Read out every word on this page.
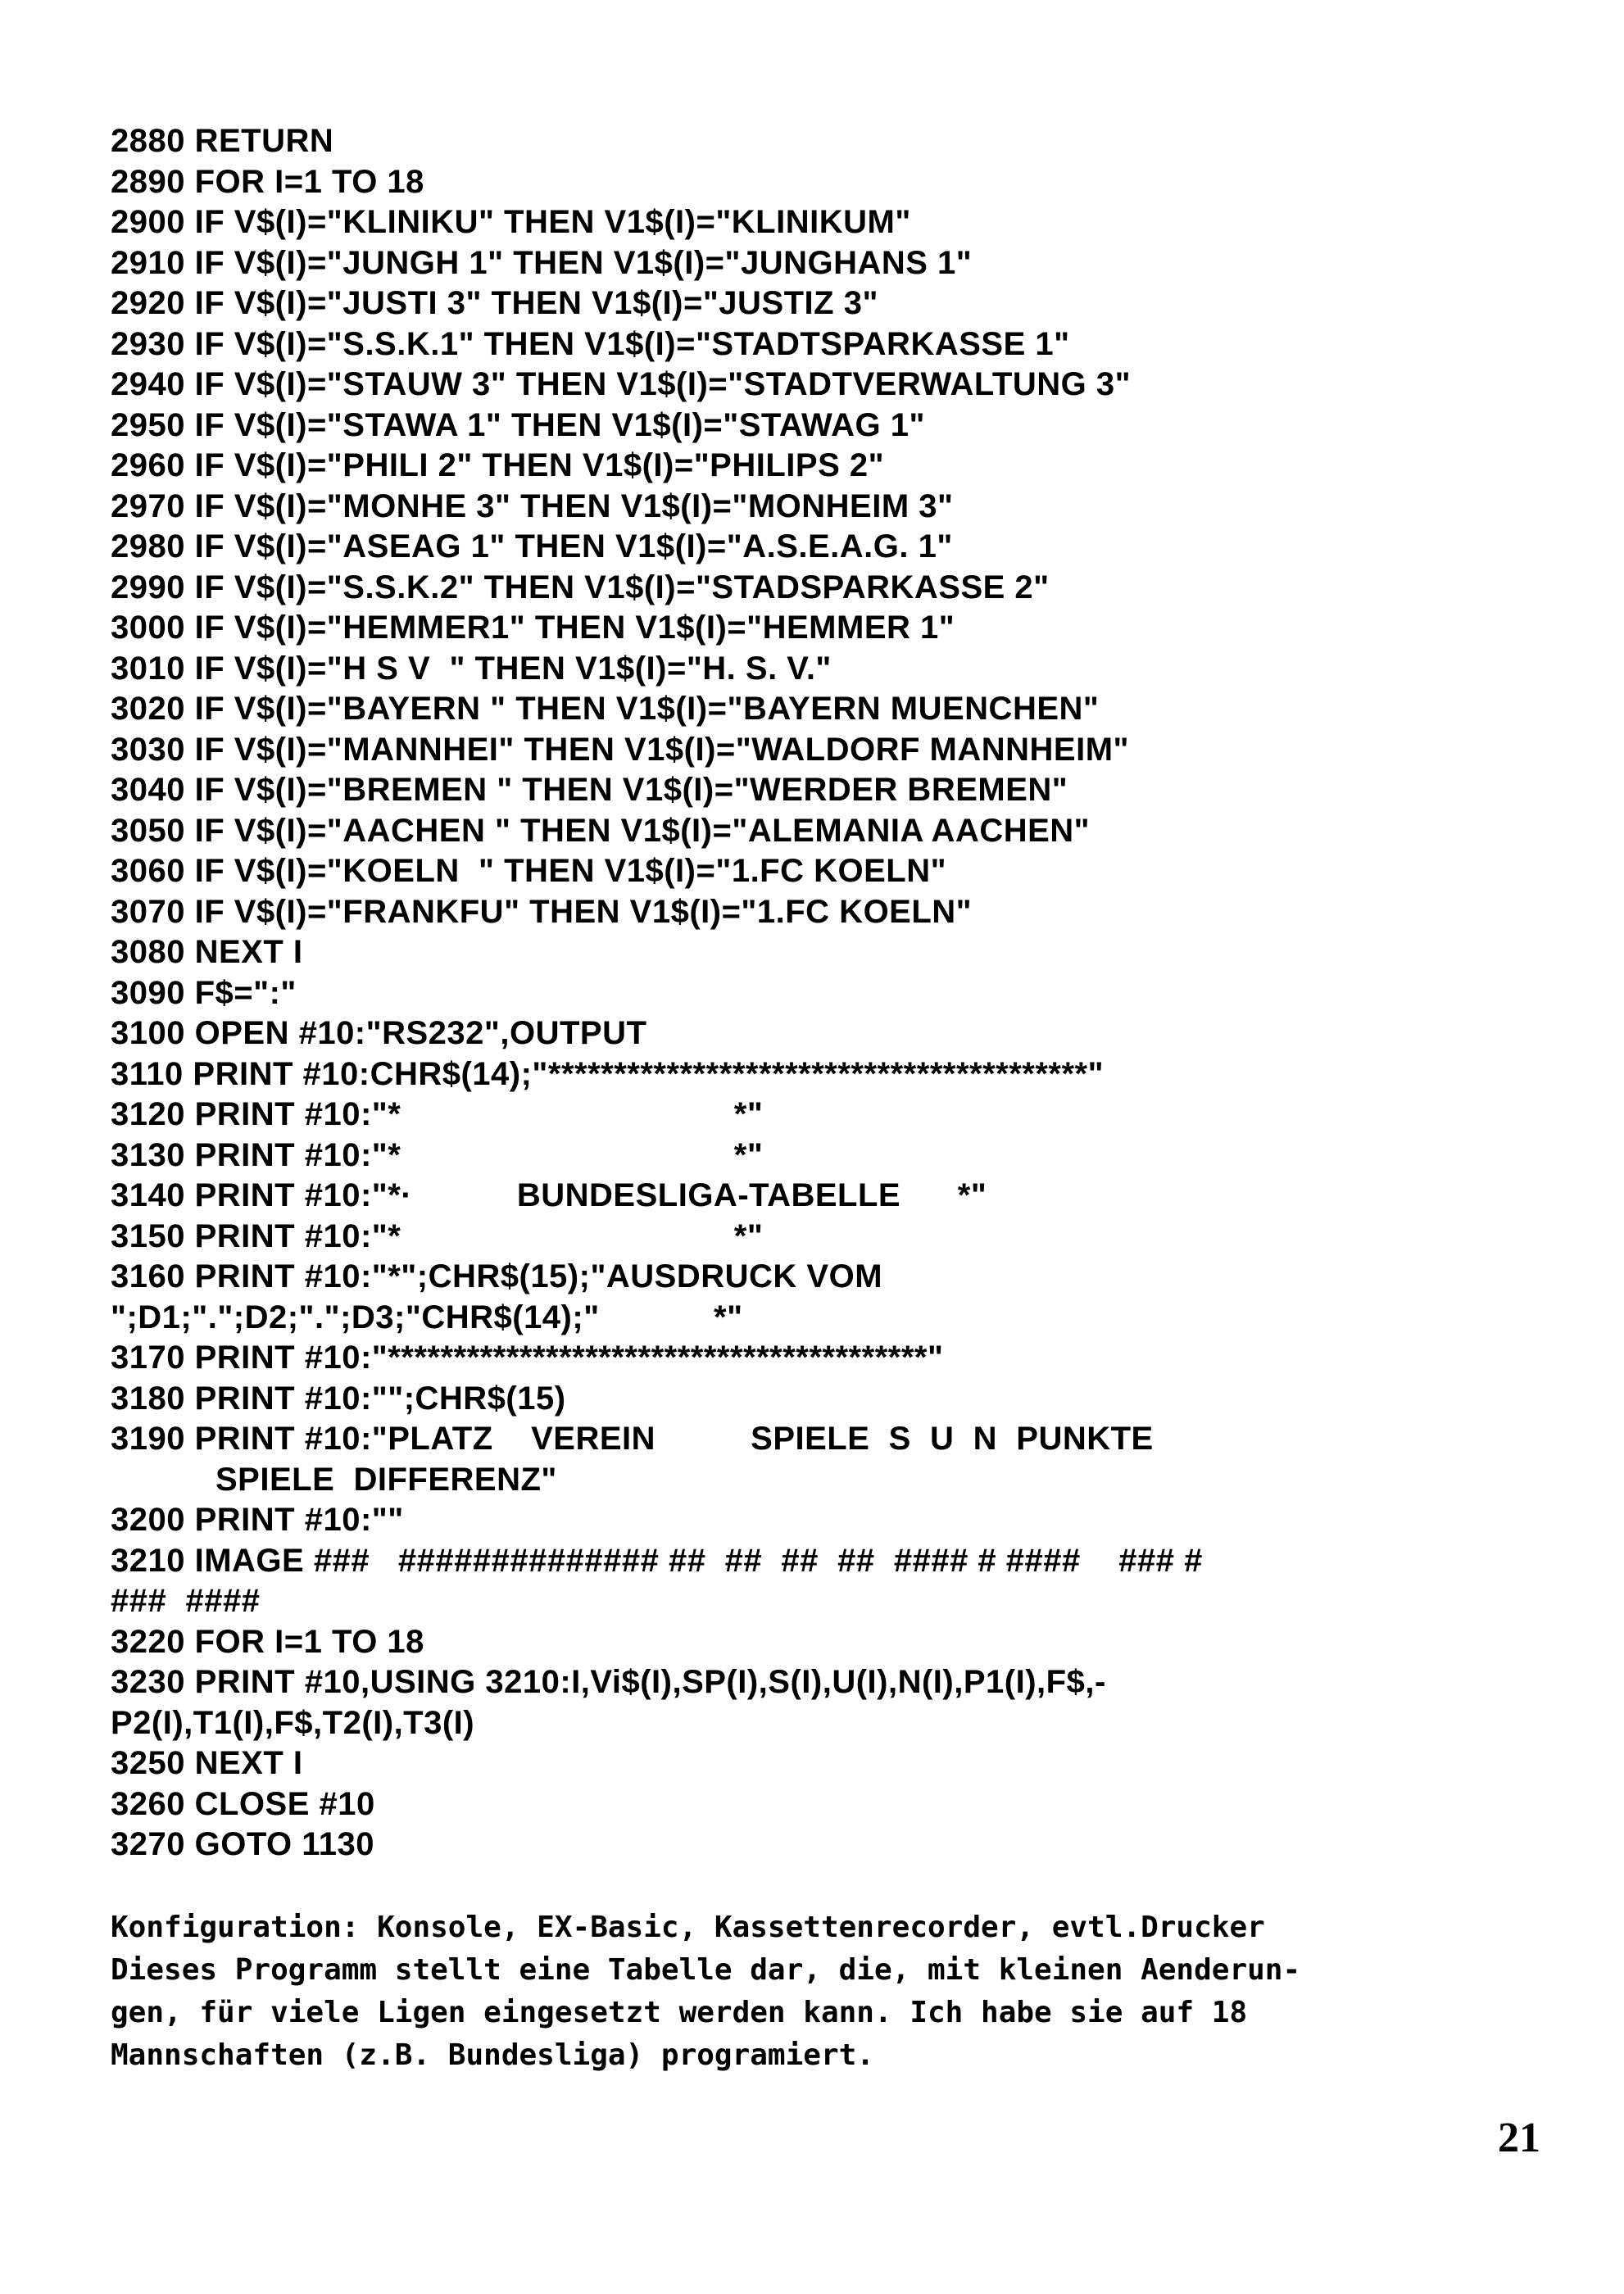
2880 RETURN
2890 FOR I=1 TO 18
2900 IF V$(I)="KLINIKU" THEN V1$(I)="KLINIKUM"
2910 IF V$(I)="JUNGH 1" THEN V1$(I)="JUNGHANS 1"
2920 IF V$(I)="JUSTI 3" THEN V1$(I)="JUSTIZ 3"
2930 IF V$(I)="S.S.K.1" THEN V1$(I)="STADTSPARKASSE 1"
2940 IF V$(I)="STAUW 3" THEN V1$(I)="STADTVERWALTUNG 3"
2950 IF V$(I)="STAWA 1" THEN V1$(I)="STAWAG 1"
2960 IF V$(I)="PHILI 2" THEN V1$(I)="PHILIPS 2"
2970 IF V$(I)="MONHE 3" THEN V1$(I)="MONHEIM 3"
2980 IF V$(I)="ASEAG 1" THEN V1$(I)="A.S.E.A.G. 1"
2990 IF V$(I)="S.S.K.2" THEN V1$(I)="STADSPARKASSE 2"
3000 IF V$(I)="HEMMER1" THEN V1$(I)="HEMMER 1"
3010 IF V$(I)="H S V  " THEN V1$(I)="H. S. V."
3020 IF V$(I)="BAYERN " THEN V1$(I)="BAYERN MUENCHEN"
3030 IF V$(I)="MANNHEI" THEN V1$(I)="WALDORF MANNHEIM"
3040 IF V$(I)="BREMEN " THEN V1$(I)="WERDER BREMEN"
3050 IF V$(I)="AACHEN " THEN V1$(I)="ALEMANIA AACHEN"
3060 IF V$(I)="KOELN  " THEN V1$(I)="1.FC KOELN"
3070 IF V$(I)="FRANKFU" THEN V1$(I)="1.FC KOELN"
3080 NEXT I
3090 F$=":"
3100 OPEN #10:"RS232",OUTPUT
3110 PRINT #10:CHR$(14);"*****************************************"
3120 PRINT #10:"*                                   *"
3130 PRINT #10:"*                                   *"
3140 PRINT #10:"*·           BUNDESLIGA-TABELLE      *"
3150 PRINT #10:"*                                   *"
3160 PRINT #10:"*";CHR$(15);"AUSDRUCK VOM
";D1;".";D2;".";D3;"CHR$(14);"            *"
3170 PRINT #10:"*****************************************"
3180 PRINT #10:"";CHR$(15)
3190 PRINT #10:"PLATZ    VEREIN          SPIELE  S  U  N  PUNKTE
SPIELE  DIFFERENZ"
3200 PRINT #10:""
3210 IMAGE ###   ############## ##  ##  ##  ##  #### # ####    ### #
###  ####
3220 FOR I=1 TO 18
3230 PRINT #10,USING 3210:I,Vi$(I),SP(I),S(I),U(I),N(I),P1(I),F$,-
P2(I),T1(I),F$,T2(I),T3(I)
3250 NEXT I
3260 CLOSE #10
3270 GOTO 1130
Konfiguration: Konsole, EX-Basic, Kassettenrecorder, evtl.Drucker
Dieses Programm stellt eine Tabelle dar, die, mit kleinen Aenderun-
gen, für viele Ligen eingesetzt werden kann. Ich habe sie auf 18
Mannschaften (z.B. Bundesliga) programiert.
21
